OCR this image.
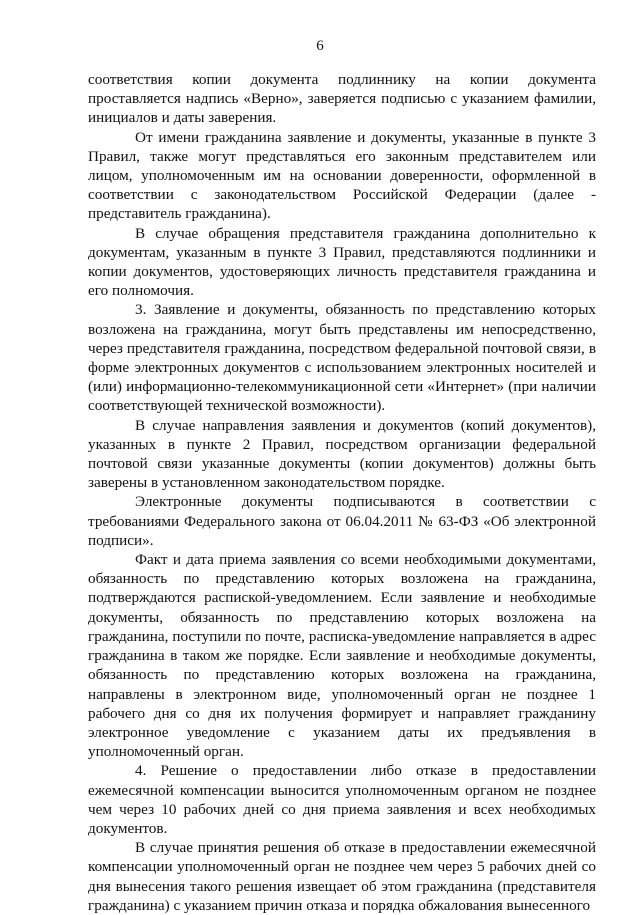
6

соответствия копии документа подлиннику на копии документа проставляется надпись «Верно», заверяется подписью с указанием фамилии, инициалов и даты заверения.

От имени гражданина заявление и документы, указанные в пункте 3 Правил, также могут представляться его законным представителем или лицом, уполномоченным им на основании доверенности, оформленной в соответствии с законодательством Российской Федерации (далее - представитель гражданина).

В случае обращения представителя гражданина дополнительно к документам, указанным в пункте 3 Правил, представляются подлинники и копии документов, удостоверяющих личность представителя гражданина и его полномочия.

3. Заявление и документы, обязанность по представлению которых возложена на гражданина, могут быть представлены им непосредственно, через представителя гражданина, посредством федеральной почтовой связи, в форме электронных документов с использованием электронных носителей и (или) информационно-телекоммуникационной сети «Интернет» (при наличии соответствующей технической возможности).

В случае направления заявления и документов (копий документов), указанных в пункте 2 Правил, посредством организации федеральной почтовой связи указанные документы (копии документов) должны быть заверены в установленном законодательством порядке.

Электронные документы подписываются в соответствии с требованиями Федерального закона от 06.04.2011 № 63-ФЗ «Об электронной подписи».

Факт и дата приема заявления со всеми необходимыми документами, обязанность по представлению которых возложена на гражданина, подтверждаются распиской-уведомлением. Если заявление и необходимые документы, обязанность по представлению которых возложена на гражданина, поступили по почте, расписка-уведомление направляется в адрес гражданина в таком же порядке. Если заявление и необходимые документы, обязанность по представлению которых возложена на гражданина, направлены в электронном виде, уполномоченный орган не позднее 1 рабочего дня со дня их получения формирует и направляет гражданину электронное уведомление с указанием даты их предъявления в уполномоченный орган.

4. Решение о предоставлении либо отказе в предоставлении ежемесячной компенсации выносится уполномоченным органом не позднее чем через 10 рабочих дней со дня приема заявления и всех необходимых документов.

В случае принятия решения об отказе в предоставлении ежемесячной компенсации уполномоченный орган не позднее чем через 5 рабочих дней со дня вынесения такого решения извещает об этом гражданина (представителя гражданина) с указанием причин отказа и порядка обжалования вынесенного
